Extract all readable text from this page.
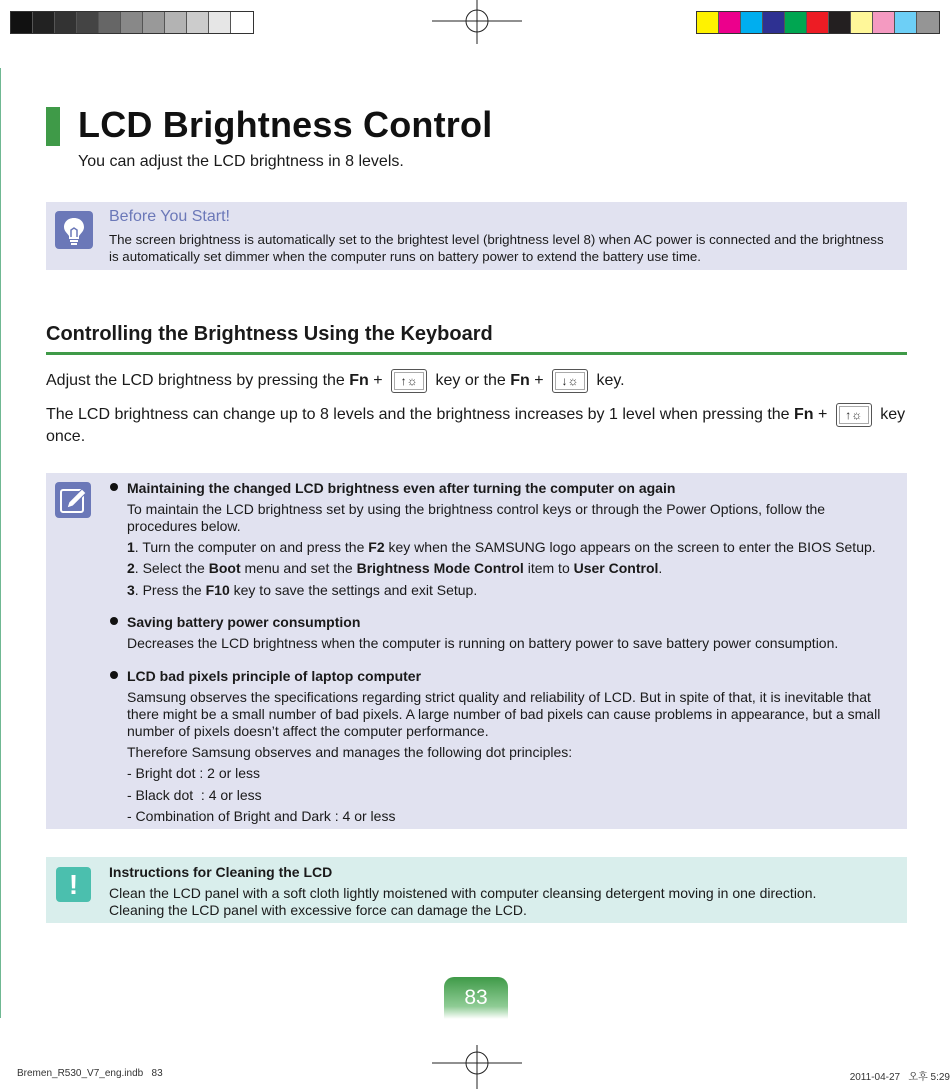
LCD Brightness Control
You can adjust the LCD brightness in 8 levels.
Before You Start!
The screen brightness is automatically set to the brightest level (brightness level 8) when AC power is connected and the brightness is automatically set dimmer when the computer runs on battery power to extend the battery use time.
Controlling the Brightness Using the Keyboard
Adjust the LCD brightness by pressing the Fn + ↑☼ key or the Fn + ↓☼ key.
The LCD brightness can change up to 8 levels and the brightness increases by 1 level when pressing the Fn + ↑☼ key once.
Maintaining the changed LCD brightness even after turning the computer on again
To maintain the LCD brightness set by using the brightness control keys or through the Power Options, follow the procedures below.
1. Turn the computer on and press the F2 key when the SAMSUNG logo appears on the screen to enter the BIOS Setup.
2. Select the Boot menu and set the Brightness Mode Control item to User Control.
3. Press the F10 key to save the settings and exit Setup.
Saving battery power consumption
Decreases the LCD brightness when the computer is running on battery power to save battery power consumption.
LCD bad pixels principle of laptop computer
Samsung observes the specifications regarding strict quality and reliability of LCD. But in spite of that, it is inevitable that there might be a small number of bad pixels. A large number of bad pixels can cause problems in appearance, but a small number of pixels doesn’t affect the computer performance.
Therefore Samsung observes and manages the following dot principles:
- Bright dot : 2 or less
- Black dot  : 4 or less
- Combination of Bright and Dark : 4 or less
!	Instructions for Cleaning the LCD
Clean the LCD panel with a soft cloth lightly moistened with computer cleansing detergent moving in one direction.
Cleaning the LCD panel with excessive force can damage the LCD.
83
Bremen_R530_V7_eng.indb   83	2011-04-27   오후 5:29
